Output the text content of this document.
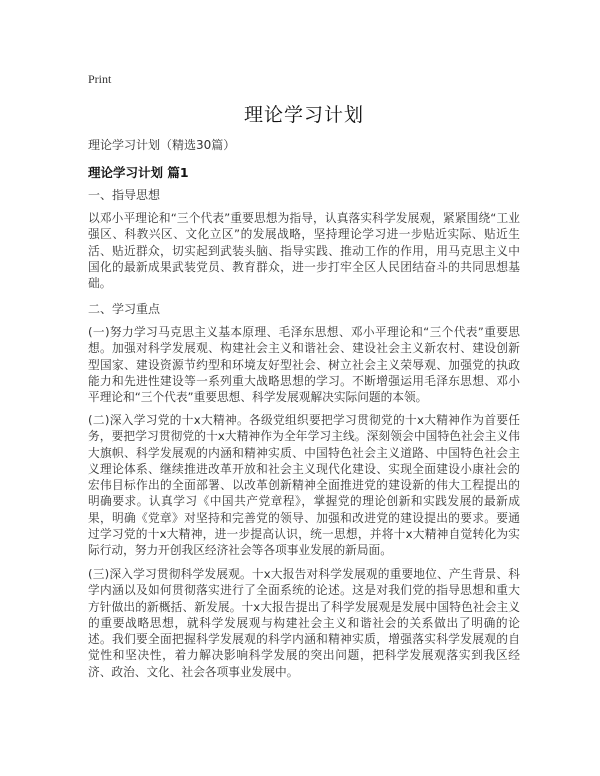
Print
理论学习计划
理论学习计划（精选30篇）
理论学习计划 篇1
一、指导思想
以邓小平理论和“三个代表”重要思想为指导，认真落实科学发展观，紧紧围绕“工业强区、科教兴区、文化立区”的发展战略，坚持理论学习进一步贴近实际、贴近生活、贴近群众，切实起到武装头脑、指导实践、推动工作的作用，用马克思主义中国化的最新成果武装党员、教育群众，进一步打牢全区人民团结奋斗的共同思想基础。
二、学习重点
(一)努力学习马克思主义基本原理、毛泽东思想、邓小平理论和“三个代表”重要思想。加强对科学发展观、构建社会主义和谐社会、建设社会主义新农村、建设创新型国家、建设资源节约型和环境友好型社会、树立社会主义荣辱观、加强党的执政能力和先进性建设等一系列重大战略思想的学习。不断增强运用毛泽东思想、邓小平理论和“三个代表”重要思想、科学发展观解决实际问题的本领。
(二)深入学习党的十x大精神。各级党组织要把学习贯彻党的十x大精神作为首要任务，要把学习贯彻党的十x大精神作为全年学习主线。深刻领会中国特色社会主义伟大旗帜、科学发展观的内涵和精神实质、中国特色社会主义道路、中国特色社会主义理论体系、继续推进改革开放和社会主义现代化建设、实现全面建设小康社会的宏伟目标作出的全面部署、以改革创新精神全面推进党的建设新的伟大工程提出的明确要求。认真学习《中国共产党章程》，掌握党的理论创新和实践发展的最新成果，明确《党章》对坚持和完善党的领导、加强和改进党的建设提出的要求。要通过学习党的十x大精神，进一步提高认识，统一思想，并将十x大精神自觉转化为实际行动，努力开创我区经济社会等各项事业发展的新局面。
(三)深入学习贯彻科学发展观。十x大报告对科学发展观的重要地位、产生背景、科学内涵以及如何贯彻落实进行了全面系统的论述。这是对我们党的指导思想和重大方针做出的新概括、新发展。十x大报告提出了科学发展观是发展中国特色社会主义的重要战略思想，就科学发展观与构建社会主义和谐社会的关系做出了明确的论述。我们要全面把握科学发展观的科学内涵和精神实质，增强落实科学发展观的自觉性和坚决性，着力解决影响科学发展的突出问题，把科学发展观落实到我区经济、政治、文化、社会各项事业发展中。
